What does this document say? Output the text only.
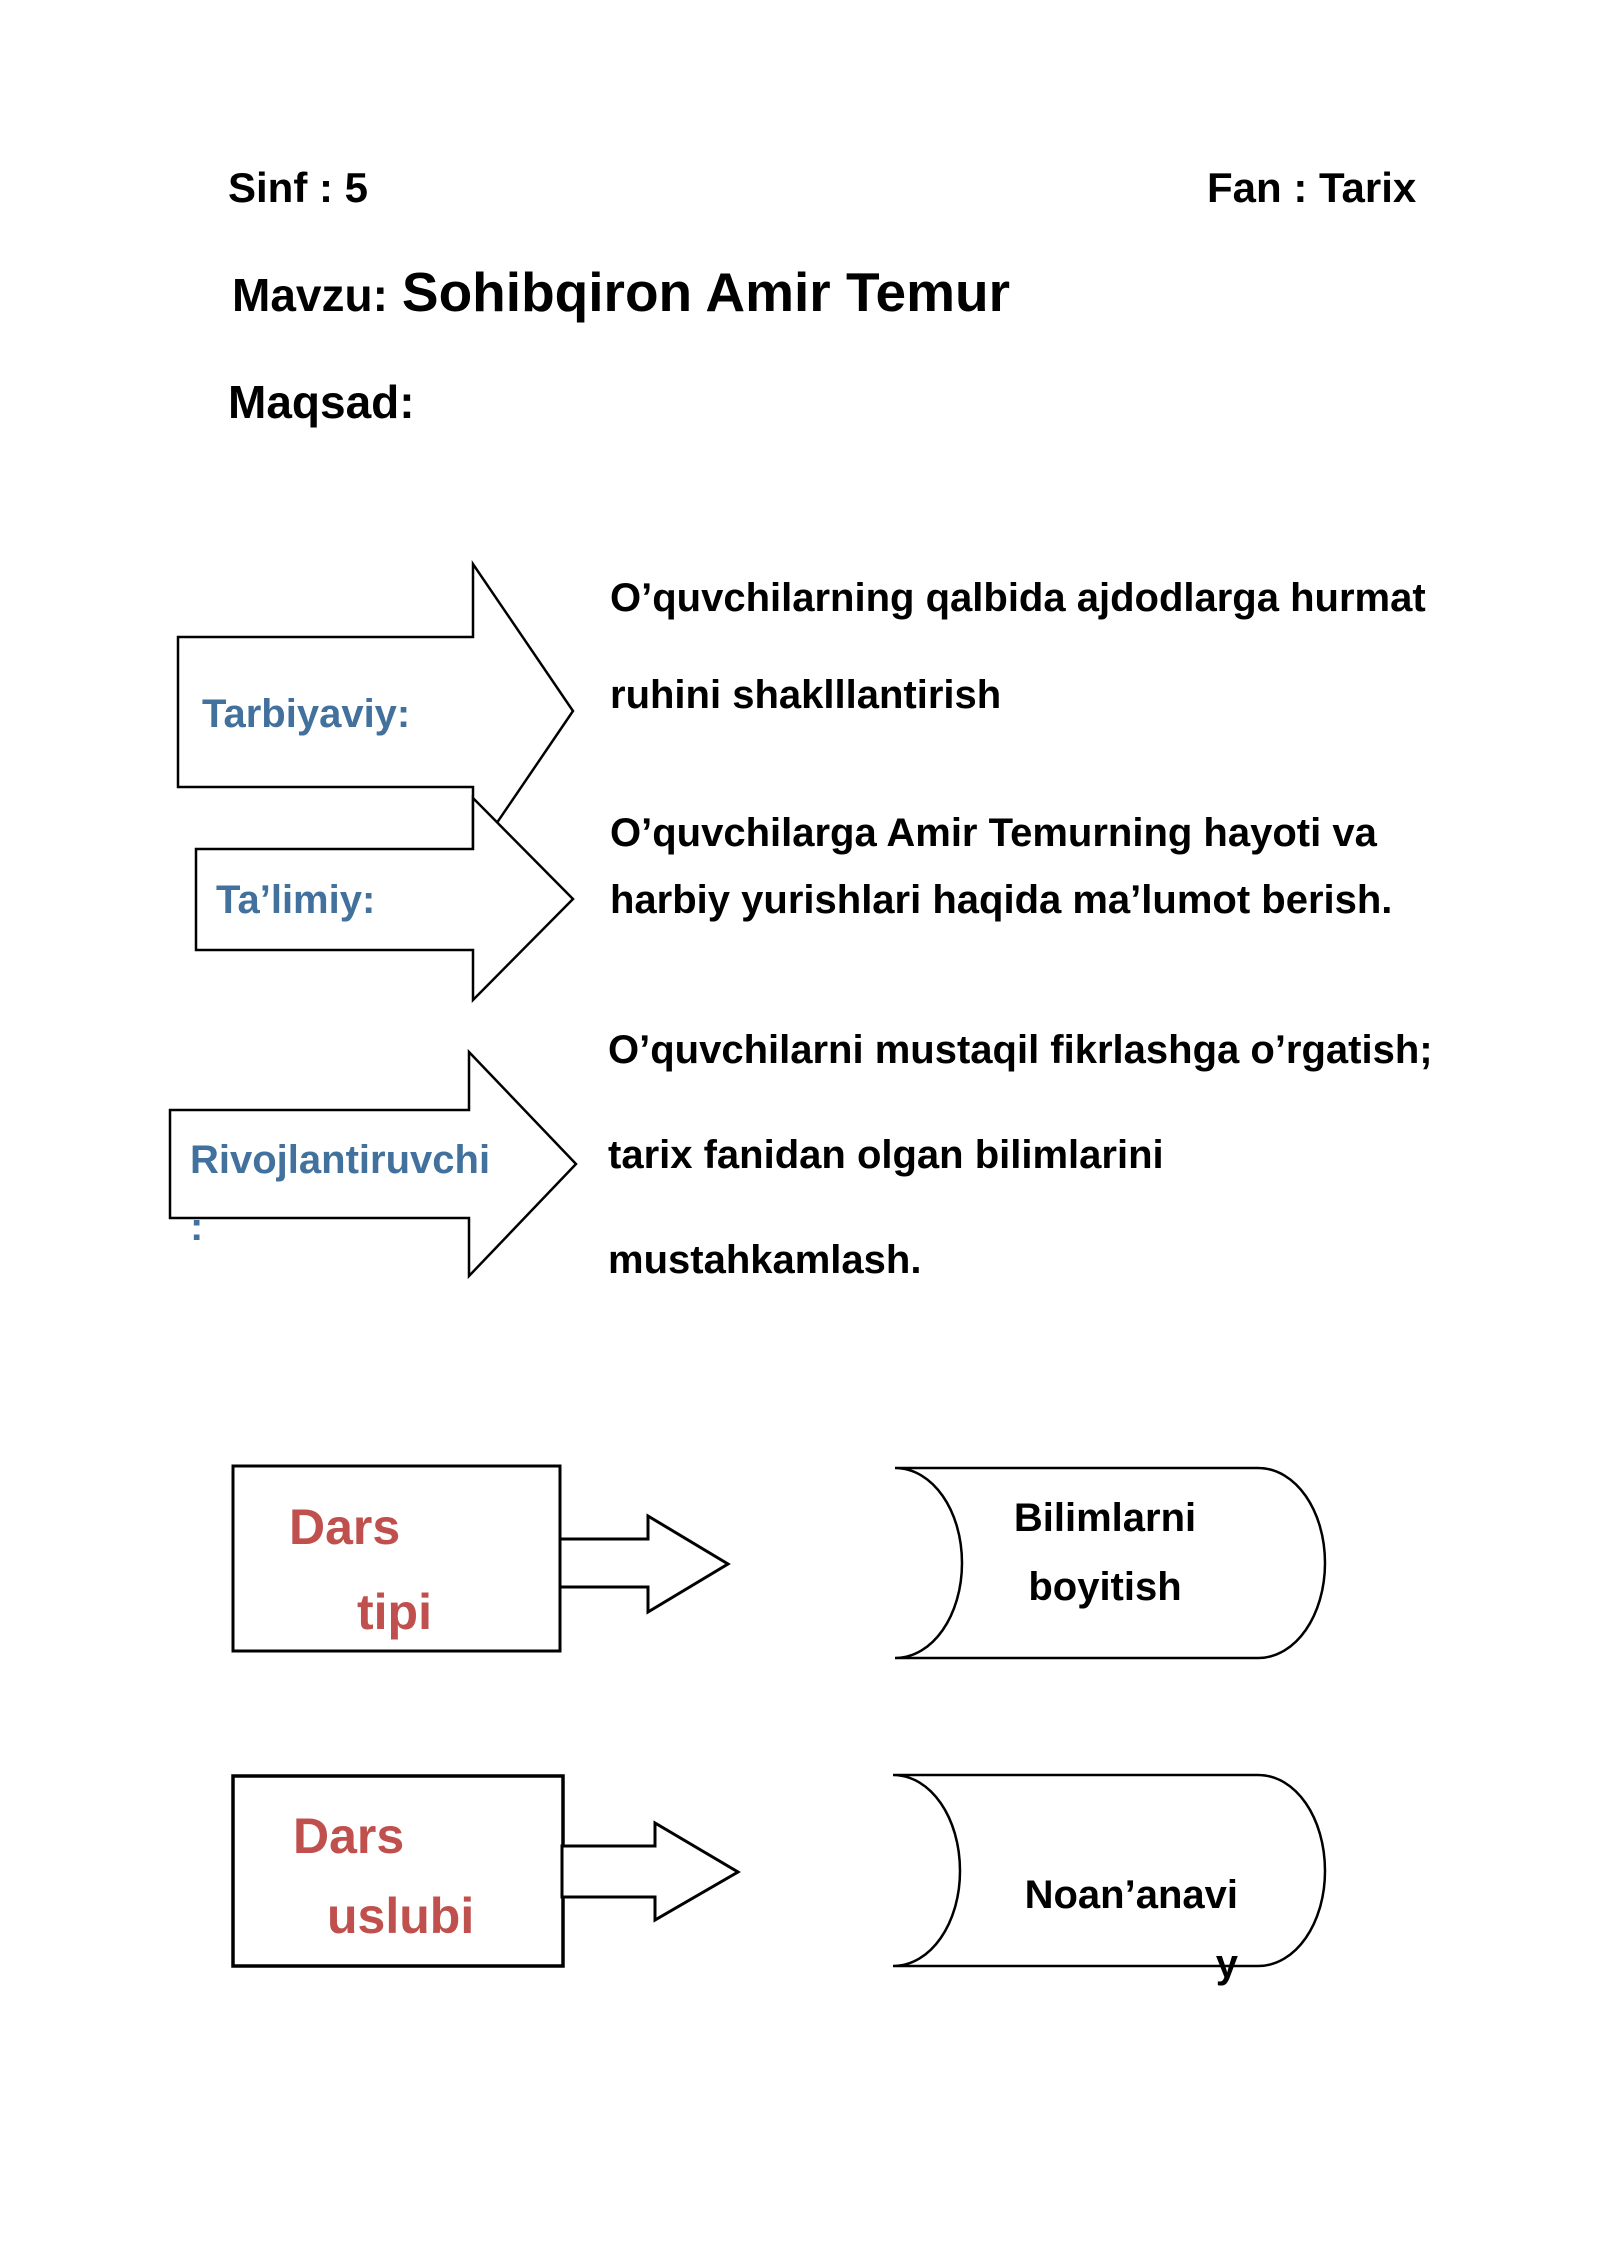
Sinf : 5	Fan : Tarix
Mavzu: Sohibqiron Amir Temur
Maqsad:
Tarbiyaviy:
O’quvchilarning qalbida ajdodlarga hurmat
ruhini shaklllantirish
Ta’limiy:
O’quvchilarga Amir Temurning hayoti va
harbiy yurishlari haqida ma’lumot berish.
Rivojlantiruvchi
:
O’quvchilarni mustaqil fikrlashga o’rgatish;
tarix fanidan olgan bilimlarini
mustahkamlash.
Dars
tipi
Bilimlarni
boyitish
Dars
uslubi	Noan’anavi
y
